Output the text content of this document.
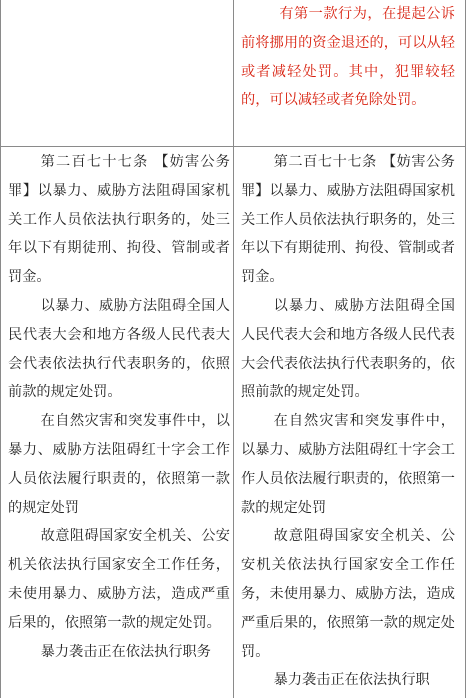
有第一款行为，在提起公诉前将挪用的资金退还的，可以从轻或者减轻处罚。其中，犯罪较轻的，可以减轻或者免除处罚。

第二百七十七条 【妨害公务罪】以暴力、威胁方法阻碍国家机关工作人员依法执行职务的，处三年以下有期徒刑、拘役、管制或者罚金。

以暴力、威胁方法阻碍全国人民代表大会和地方各级人民代表大会代表依法执行代表职务的，依照前款的规定处罚。

在自然灾害和突发事件中，以暴力、威胁方法阻碍红十字会工作人员依法履行职责的，依照第一款的规定处罚

故意阻碍国家安全机关、公安机关依法执行国家安全工作任务，未使用暴力、威胁方法，造成严重后果的，依照第一款的规定处罚。

暴力袭击正在依法执行职务

第二百七十七条 【妨害公务罪】以暴力、威胁方法阻碍国家机关工作人员依法执行职务的，处三年以下有期徒刑、拘役、管制或者罚金。

以暴力、威胁方法阻碍全国人民代表大会和地方各级人民代表大会代表依法执行代表职务的，依照前款的规定处罚。

在自然灾害和突发事件中，以暴力、威胁方法阻碍红十字会工作人员依法履行职责的，依照第一款的规定处罚

故意阻碍国家安全机关、公安机关依法执行国家安全工作任务，未使用暴力、威胁方法，造成严重后果的，依照第一款的规定处罚。

暴力袭击正在依法执行职
